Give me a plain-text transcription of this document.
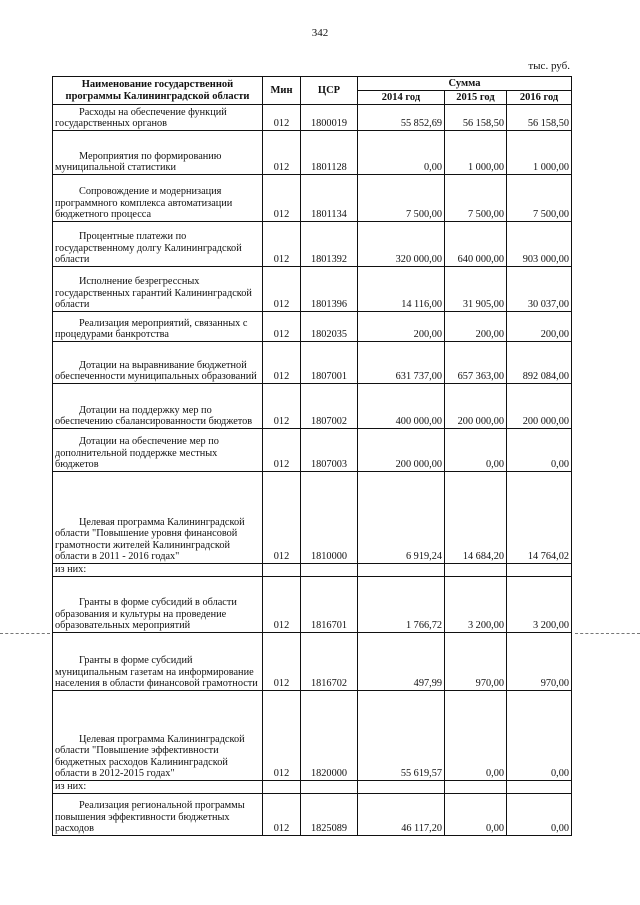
342
тыс. руб.
Наименование государственной программы Калининградской области	Мин	ЦСР	Сумма		
			2014 год	2015 год	2016 год
Расходы на обеспечение функций государственных органов	012	1800019	55 852,69	56 158,50	56 158,50
Мероприятия по формированию муниципальной статистики	012	1801128	0,00	1 000,00	1 000,00
Сопровождение и модернизация программного комплекса автоматизации бюджетного процесса	012	1801134	7 500,00	7 500,00	7 500,00
Процентные платежи по государственному долгу Калининградской области	012	1801392	320 000,00	640 000,00	903 000,00
Исполнение безрегрессных государственных гарантий Калининградской области	012	1801396	14 116,00	31 905,00	30 037,00
Реализация мероприятий, связанных с процедурами банкротства	012	1802035	200,00	200,00	200,00
Дотации на выравнивание бюджетной обеспеченности муниципальных образований	012	1807001	631 737,00	657 363,00	892 084,00
Дотации на поддержку мер по обеспечению сбалансированности бюджетов	012	1807002	400 000,00	200 000,00	200 000,00
Дотации на обеспечение мер по дополнительной поддержке местных бюджетов	012	1807003	200 000,00	0,00	0,00
Целевая программа Калининградской области "Повышение уровня финансовой грамотности жителей Калининградской области в 2011 - 2016 годах"	012	1810000	6 919,24	14 684,20	14 764,02
из них:					
Гранты в форме субсидий в области образования и культуры на проведение образовательных мероприятий	012	1816701	1 766,72	3 200,00	3 200,00
Гранты в форме субсидий муниципальным газетам на информирование населения в области финансовой грамотности	012	1816702	497,99	970,00	970,00
Целевая программа Калининградской области "Повышение эффективности бюджетных расходов Калининградской области в 2012-2015 годах"	012	1820000	55 619,57	0,00	0,00
из них:					
Реализация региональной программы повышения эффективности бюджетных расходов	012	1825089	46 117,20	0,00	0,00
